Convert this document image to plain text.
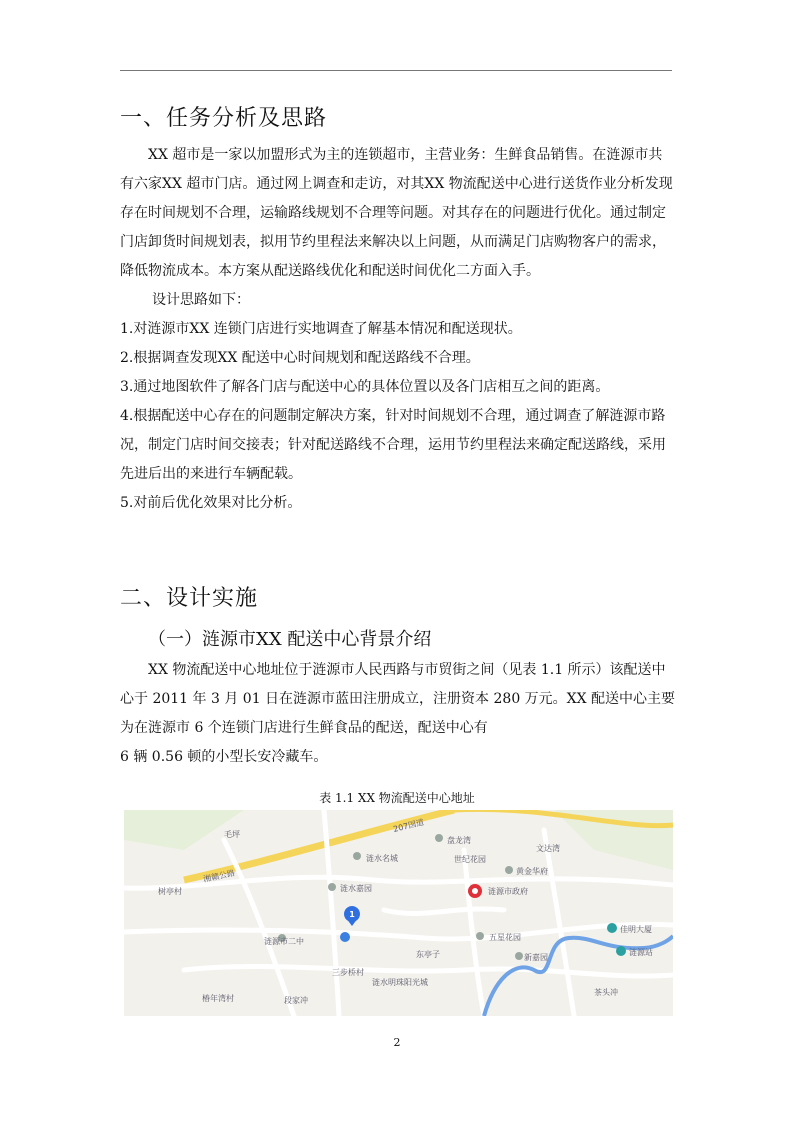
一、任务分析及思路

XX 超市是一家以加盟形式为主的连锁超市，主营业务：生鲜食品销售。在涟源市共有六家XX 超市门店。通过网上调查和走访，对其XX 物流配送中心进行送货作业分析发现存在时间规划不合理，运输路线规划不合理等问题。对其存在的问题进行优化。通过制定门店卸货时间规划表，拟用节约里程法来解决以上问题，从而满足门店购物客户的需求，降低物流成本。本方案从配送路线优化和配送时间优化二方面入手。

设计思路如下：

1.对涟源市XX 连锁门店进行实地调查了解基本情况和配送现状。

2.根据调查发现XX 配送中心时间规划和配送路线不合理。

3.通过地图软件了解各门店与配送中心的具体位置以及各门店相互之间的距离。

4.根据配送中心存在的问题制定解决方案，针对时间规划不合理，通过调查了解涟源市路况，制定门店时间交接表；针对配送路线不合理，运用节约里程法来确定配送路线，采用先进后出的来进行车辆配载。

5.对前后优化效果对比分析。

二、设计实施
（一）涟源市XX 配送中心背景介绍

XX 物流配送中心地址位于涟源市人民西路与市贸街之间（见表 1.1 所示）该配送中心于 2011 年 3 月 01 日在涟源市蓝田注册成立，注册资本 280 万元。XX 配送中心主要为在涟源市 6 个连锁门店进行生鲜食品的配送，配送中心有

6 辆 0.56 顿的小型长安冷藏车。

表 1.1 XX 物流配送中心地址
毛坪
207国道
盘龙湾
文达湾
涟水名城	世纪花园
湘赣公路	黄金华府
树亭村	涟水嘉园	涟源市政府
佳明大厦
涟源市二中	五星花园
新嘉园
涟源站
东亭子
三步桥村
涟水明珠阳光城
椿年湾村	段家冲
茶头冲
1
2
